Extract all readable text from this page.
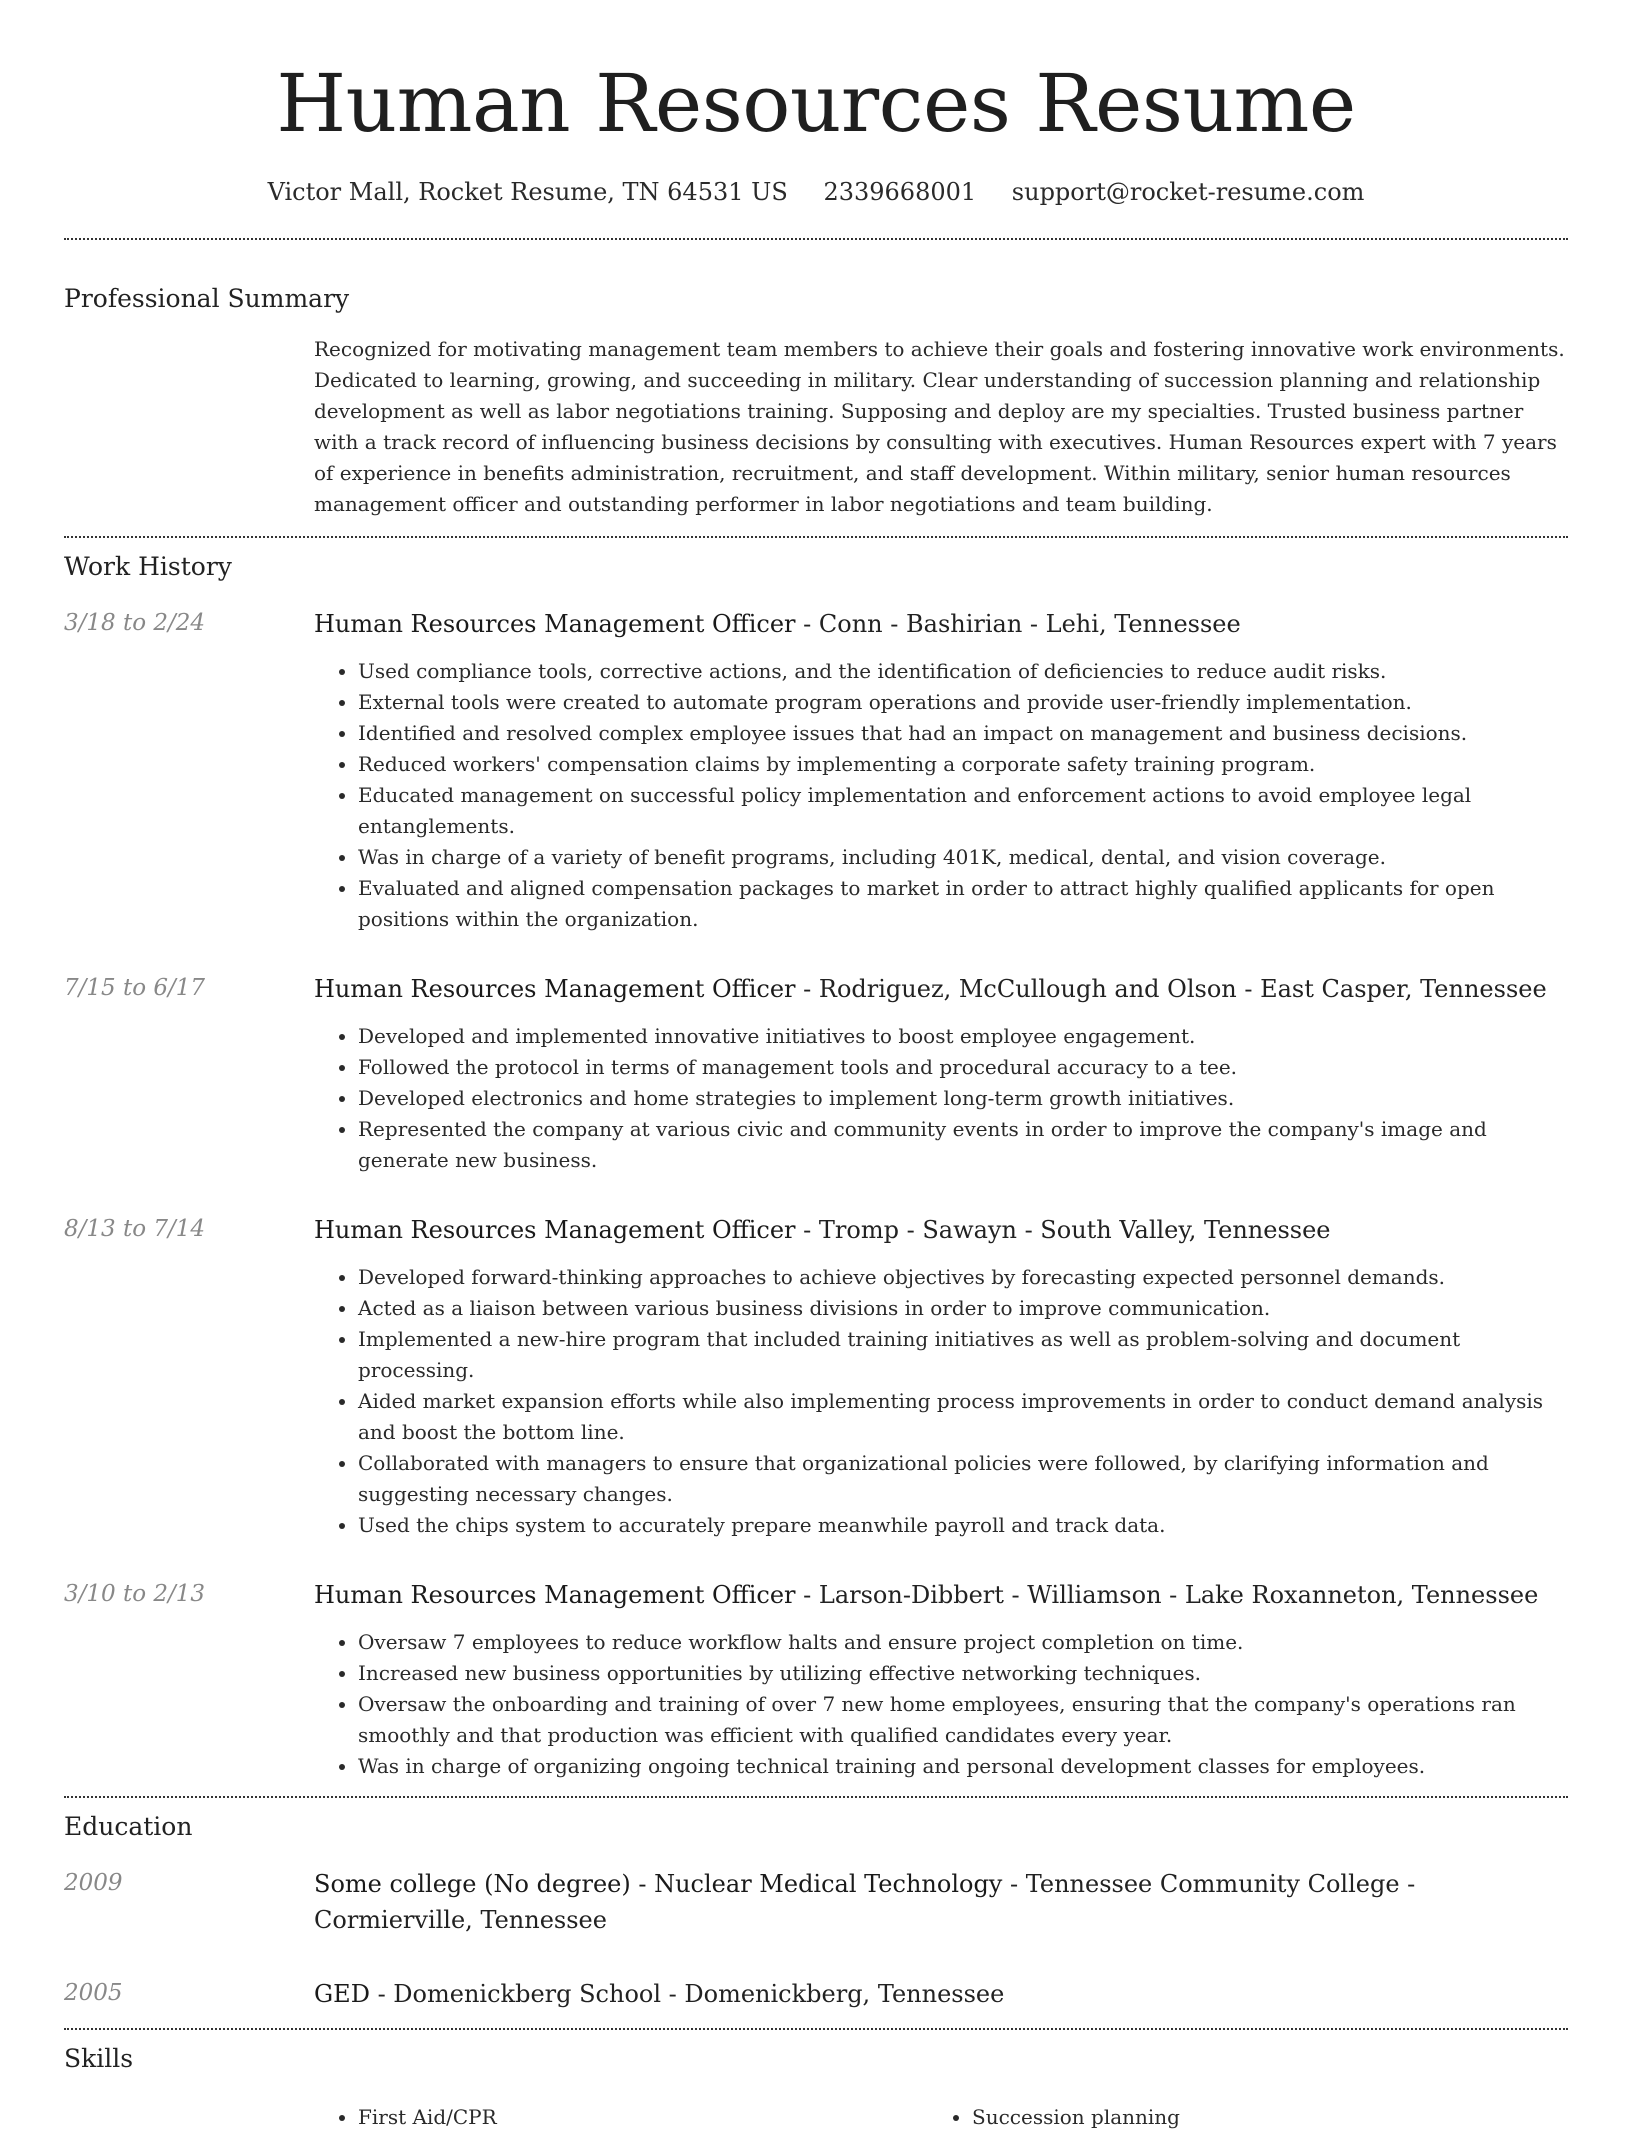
Human Resources Resume
Victor Mall, Rocket Resume, TN 64531 US 2339668001 support@rocket-resume.com
Professional Summary

Recognized for motivating management team members to achieve their goals and fostering innovative work environments. Dedicated to learning, growing, and succeeding in military. Clear understanding of succession planning and relationship development as well as labor negotiations training. Supposing and deploy are my specialties. Trusted business partner with a track record of influencing business decisions by consulting with executives. Human Resources expert with 7 years of experience in benefits administration, recruitment, and staff development. Within military, senior human resources management officer and outstanding performer in labor negotiations and team building.

Work History
3/18 to 2/24	Human Resources Management Officer - Conn - Bashirian - Lehi, Tennessee
• Used compliance tools, corrective actions, and the identification of deficiencies to reduce audit risks.
• External tools were created to automate program operations and provide user-friendly implementation.
• Identified and resolved complex employee issues that had an impact on management and business decisions.
• Reduced workers' compensation claims by implementing a corporate safety training program.
• Educated management on successful policy implementation and enforcement actions to avoid employee legal entanglements.
• Was in charge of a variety of benefit programs, including 401K, medical, dental, and vision coverage.
• Evaluated and aligned compensation packages to market in order to attract highly qualified applicants for open positions within the organization.
7/15 to 6/17	Human Resources Management Officer - Rodriguez, McCullough and Olson - East Casper, Tennessee
• Developed and implemented innovative initiatives to boost employee engagement.
• Followed the protocol in terms of management tools and procedural accuracy to a tee.
• Developed electronics and home strategies to implement long-term growth initiatives.
• Represented the company at various civic and community events in order to improve the company's image and generate new business.
8/13 to 7/14	Human Resources Management Officer - Tromp - Sawayn - South Valley, Tennessee
• Developed forward-thinking approaches to achieve objectives by forecasting expected personnel demands.
• Acted as a liaison between various business divisions in order to improve communication.
• Implemented a new-hire program that included training initiatives as well as problem-solving and document processing.
• Aided market expansion efforts while also implementing process improvements in order to conduct demand analysis and boost the bottom line.
• Collaborated with managers to ensure that organizational policies were followed, by clarifying information and suggesting necessary changes.
• Used the chips system to accurately prepare meanwhile payroll and track data.
3/10 to 2/13	Human Resources Management Officer - Larson-Dibbert - Williamson - Lake Roxanneton, Tennessee
• Oversaw 7 employees to reduce workflow halts and ensure project completion on time.
• Increased new business opportunities by utilizing effective networking techniques.
• Oversaw the onboarding and training of over 7 new home employees, ensuring that the company's operations ran smoothly and that production was efficient with qualified candidates every year.
• Was in charge of organizing ongoing technical training and personal development classes for employees.
Education
2009	Some college (No degree) - Nuclear Medical Technology - Tennessee Community College - Cormierville, Tennessee
2005	GED - Domenickberg School - Domenickberg, Tennessee
Skills
• First Aid/CPR
•	Succession planning
